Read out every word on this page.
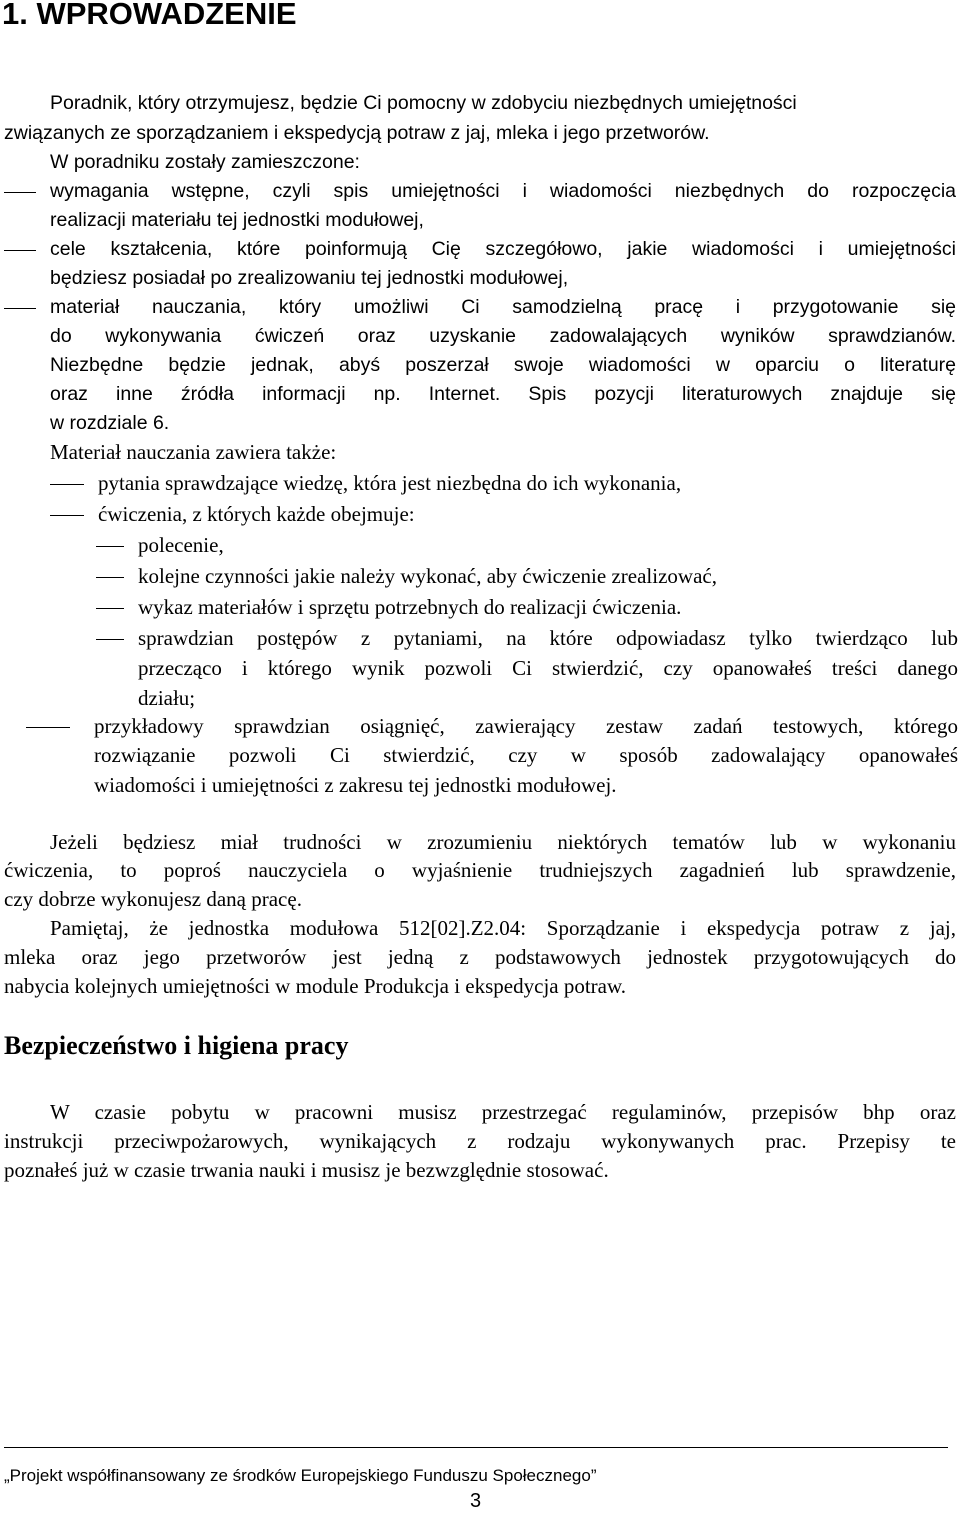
1. WPROWADZENIE
Poradnik, który otrzymujesz, będzie Ci pomocny w zdobyciu niezbędnych umiejętności
związanych ze sporządzaniem i ekspedycją potraw z jaj, mleka i jego przetworów.
W poradniku zostały zamieszczone:
wymagania wstępne, czyli spis umiejętności i wiadomości niezbędnych do rozpoczęcia
realizacji materiału tej jednostki modułowej,
cele kształcenia, które poinformują Cię szczegółowo, jakie wiadomości i umiejętności
będziesz posiadał po zrealizowaniu tej jednostki modułowej,
materiał nauczania, który umożliwi Ci samodzielną pracę i przygotowanie się
do wykonywania ćwiczeń oraz uzyskanie zadowalających wyników sprawdzianów.
Niezbędne będzie jednak, abyś poszerzał swoje wiadomości w oparciu o literaturę
oraz inne źródła informacji np. Internet. Spis pozycji literaturowych znajduje się
w rozdziale 6.
Materiał nauczania zawiera także:
pytania sprawdzające wiedzę, która jest niezbędna do ich wykonania,
ćwiczenia, z których każde obejmuje:
polecenie,
kolejne czynności jakie należy wykonać, aby ćwiczenie zrealizować,
wykaz materiałów i sprzętu potrzebnych do realizacji ćwiczenia.
sprawdzian postępów z pytaniami, na które odpowiadasz tylko twierdząco lub
przecząco i którego wynik pozwoli Ci stwierdzić, czy opanowałeś treści danego
działu;
przykładowy sprawdzian osiągnięć, zawierający zestaw zadań testowych, którego
rozwiązanie pozwoli Ci stwierdzić, czy w sposób zadowalający opanowałeś
wiadomości i umiejętności z zakresu tej jednostki modułowej.
Jeżeli będziesz miał trudności w zrozumieniu niektórych tematów lub w wykonaniu
ćwiczenia, to poproś nauczyciela o wyjaśnienie trudniejszych zagadnień lub sprawdzenie,
czy dobrze wykonujesz daną pracę.
Pamiętaj, że jednostka modułowa 512[02].Z2.04: Sporządzanie i ekspedycja potraw z jaj,
mleka oraz jego przetworów jest jedną z podstawowych jednostek przygotowujących do
nabycia kolejnych umiejętności w module Produkcja i ekspedycja potraw.
Bezpieczeństwo i higiena pracy
W czasie pobytu w pracowni musisz przestrzegać regulaminów, przepisów bhp oraz
instrukcji przeciwpożarowych, wynikających z rodzaju wykonywanych prac. Przepisy te
poznałeś już w czasie trwania nauki i musisz je bezwzględnie stosować.
„Projekt współfinansowany ze środków Europejskiego Funduszu Społecznego”
3
